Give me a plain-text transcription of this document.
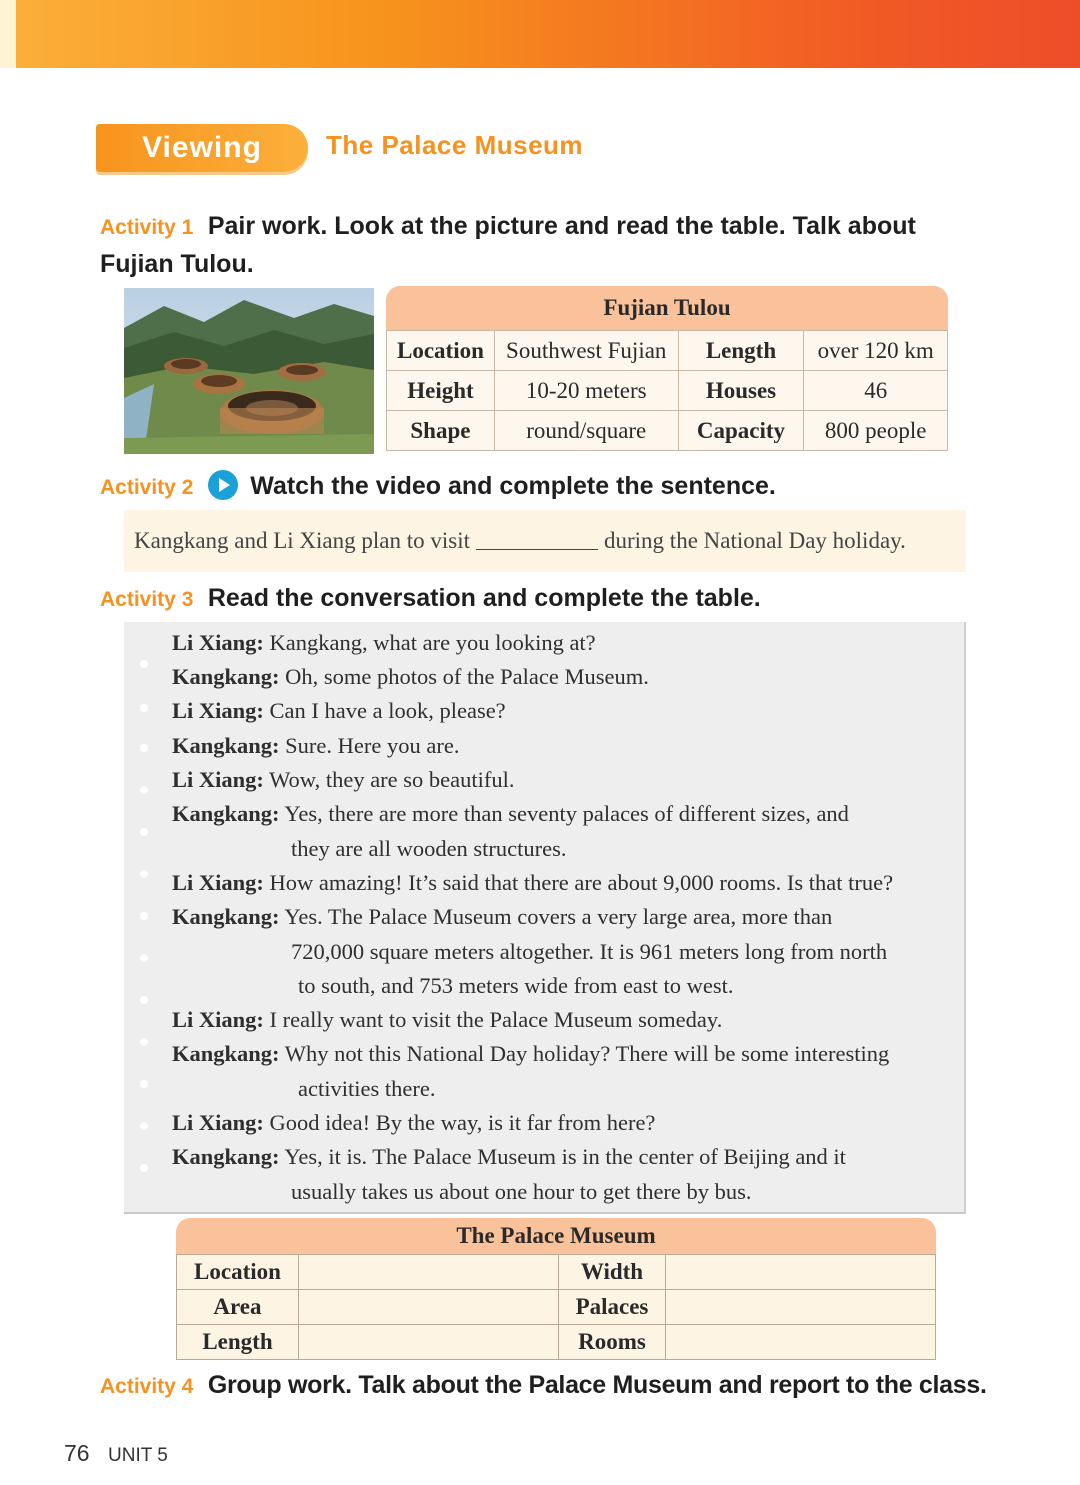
Viewing	The Palace Museum
Activity 1 Pair work. Look at the picture and read the table. Talk about
Fujian Tulou.
Fujian Tulou
Location	Southwest Fujian	Length	over 120 km
Height	10-20 meters	Houses	46
Shape	round/square	Capacity	800 people
Activity 2 Watch the video and complete the sentence.
Kangkang and Li Xiang plan to visit	during the National Day holiday.
Activity 3 Read the conversation and complete the table.
Li Xiang: Kangkang, what are you looking at?
Kangkang: Oh, some photos of the Palace Museum.
Li Xiang: Can I have a look, please?
Kangkang: Sure. Here you are.
Li Xiang: Wow, they are so beautiful.
Kangkang: Yes, there are more than seventy palaces of different sizes, and
they are all wooden structures.
Li Xiang: How amazing! It’s said that there are about 9,000 rooms. Is that true?
Kangkang: Yes. The Palace Museum covers a very large area, more than
720,000 square meters altogether. It is 961 meters long from north
to south, and 753 meters wide from east to west.
Li Xiang: I really want to visit the Palace Museum someday.
Kangkang: Why not this National Day holiday? There will be some interesting
activities there.
Li Xiang: Good idea! By the way, is it far from here?
Kangkang: Yes, it is. The Palace Museum is in the center of Beijing and it
usually takes us about one hour to get there by bus.
The Palace Museum
Location		Width	
Area		Palaces	
Length		Rooms	
Activity 4 Group work. Talk about the Palace Museum and report to the class.
76 UNIT 5
